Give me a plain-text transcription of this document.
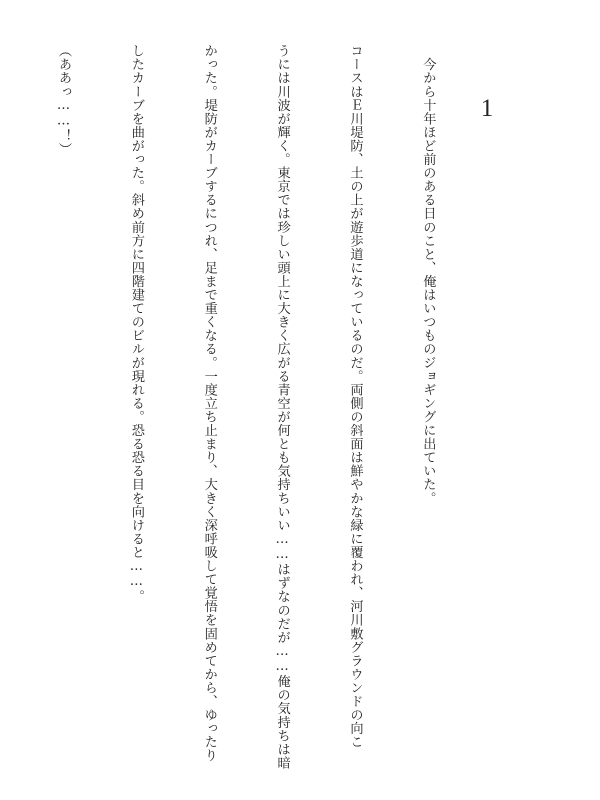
1

　今から十年ほど前のある日のこと、俺はいつものジョギングに出ていた。

コースはＥ川堤防、土の上が遊歩道になっているのだ。両側の斜面は鮮やかな緑に覆われ、河川敷グラウンドの向こ

うには川波が輝く。東京では珍しい頭上に大きく広がる青空が何とも気持ちいい……はずなのだが……俺の気持ちは暗

かった。堤防がカーブするにつれ、足まで重くなる。一度立ち止まり、大きく深呼吸して覚悟を固めてから、ゆったり

したカーブを曲がった。斜め前方に四階建てのビルが現れる。恐る恐る目を向けると……。

（ああっ……！）
